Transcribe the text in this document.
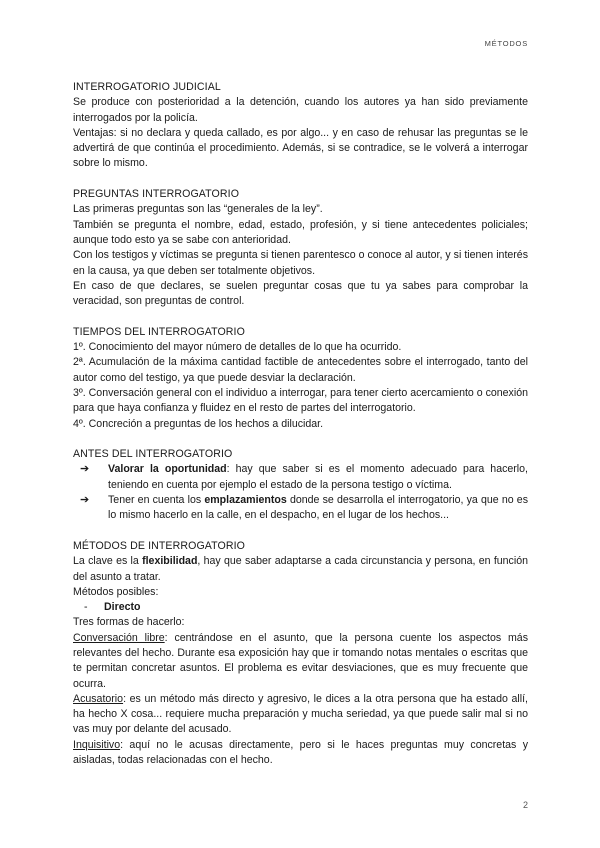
MÉTODOS
INTERROGATORIO JUDICIAL

Se produce con posterioridad a la detención, cuando los autores ya han sido previamente interrogados por la policía.

Ventajas: si no declara y queda callado, es por algo... y en caso de rehusar las preguntas se le advertirá de que continúa el procedimiento. Además, si se contradice, se le volverá a interrogar sobre lo mismo.

PREGUNTAS INTERROGATORIO

Las primeras preguntas son las “generales de la ley”.

También se pregunta el nombre, edad, estado, profesión, y si tiene antecedentes policiales; aunque todo esto ya se sabe con anterioridad.

Con los testigos y víctimas se pregunta si tienen parentesco o conoce al autor, y si tienen interés en la causa, ya que deben ser totalmente objetivos.

En caso de que declares, se suelen preguntar cosas que tu ya sabes para comprobar la veracidad, son preguntas de control.

TIEMPOS DEL INTERROGATORIO

1º. Conocimiento del mayor número de detalles de lo que ha ocurrido.

2ª. Acumulación de la máxima cantidad factible de antecedentes sobre el interrogado, tanto del autor como del testigo, ya que puede desviar la declaración.

3º. Conversación general con el individuo a interrogar, para tener cierto acercamiento o conexión para que haya confianza y fluidez en el resto de partes del interrogatorio.

4º. Concreción a preguntas de los hechos a dilucidar.

ANTES DEL INTERROGATORIO
➔ Valorar la oportunidad: hay que saber si es el momento adecuado para hacerlo, teniendo en cuenta por ejemplo el estado de la persona testigo o víctima.
➔ Tener en cuenta los emplazamientos donde se desarrolla el interrogatorio, ya que no es lo mismo hacerlo en la calle, en el despacho, en el lugar de los hechos...
MÉTODOS DE INTERROGATORIO

La clave es la flexibilidad, hay que saber adaptarse a cada circunstancia y persona, en función del asunto a tratar.

Métodos posibles:

- Directo

Tres formas de hacerlo:

Conversación libre: centrándose en el asunto, que la persona cuente los aspectos más relevantes del hecho. Durante esa exposición hay que ir tomando notas mentales o escritas que te permitan concretar asuntos. El problema es evitar desviaciones, que es muy frecuente que ocurra.

Acusatorio: es un método más directo y agresivo, le dices a la otra persona que ha estado allí, ha hecho X cosa... requiere mucha preparación y mucha seriedad, ya que puede salir mal si no vas muy por delante del acusado.

Inquisitivo: aquí no le acusas directamente, pero si le haces preguntas muy concretas y aisladas, todas relacionadas con el hecho.

2
